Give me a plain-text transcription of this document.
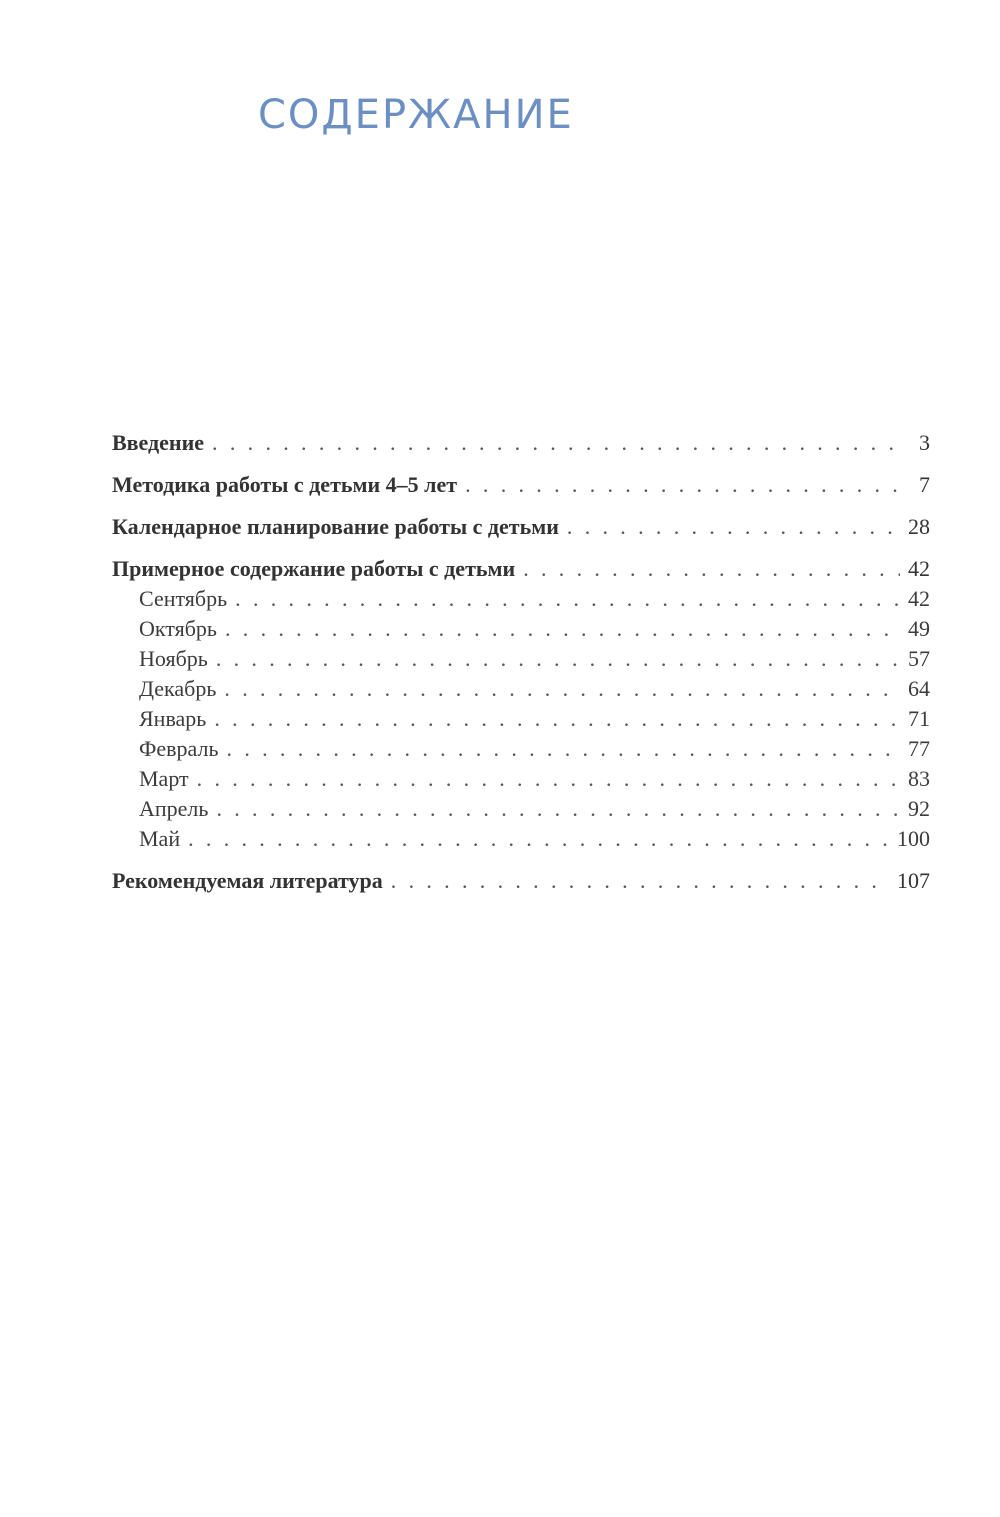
СОДЕРЖАНИЕ
Введение . . .	3
Методика работы с детьми 4–5 лет . . .	7
Календарное планирование работы с детьми . . .	28
Примерное содержание работы с детьми . . .	42
Сентябрь . . .	42
Октябрь . . .	49
Ноябрь . . .	57
Декабрь . . .	64
Январь . . .	71
Февраль . . .	77
Март . . .	83
Апрель . . .	92
Май . . .	100
Рекомендуемая литература . . .	107
